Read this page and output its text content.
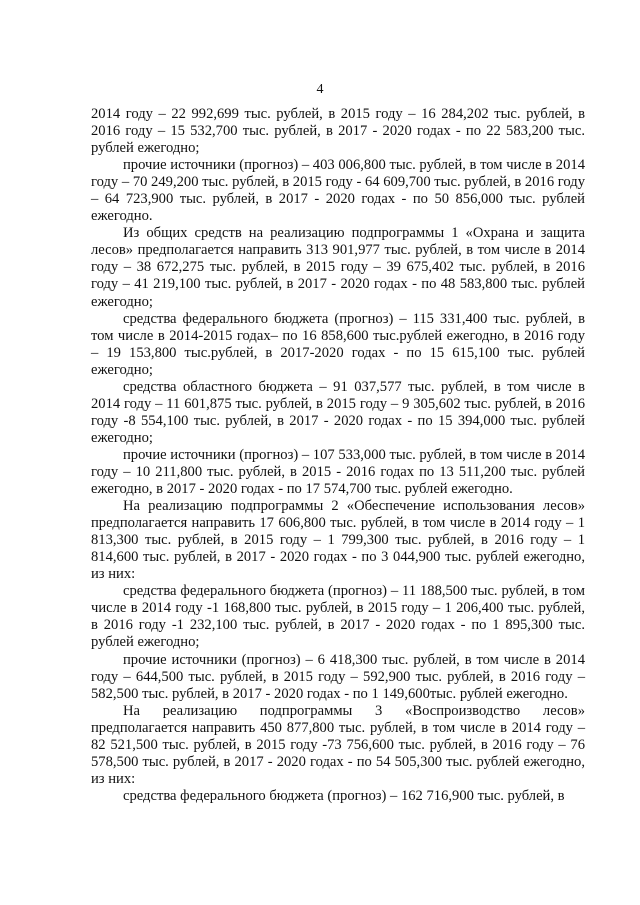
4

2014 году – 22 992,699 тыс. рублей, в 2015 году – 16 284,202 тыс. рублей, в 2016 году – 15 532,700 тыс. рублей, в 2017 - 2020 годах - по 22 583,200 тыс. рублей ежегодно;

прочие источники (прогноз) – 403 006,800 тыс. рублей, в том числе в 2014 году – 70 249,200 тыс. рублей, в 2015 году - 64 609,700 тыс. рублей, в 2016 году – 64 723,900 тыс. рублей, в 2017 - 2020 годах - по 50 856,000 тыс. рублей ежегодно.

Из общих средств на реализацию подпрограммы 1 «Охрана и защита лесов» предполагается направить 313 901,977 тыс. рублей, в том числе в 2014 году – 38 672,275 тыс. рублей, в 2015 году – 39 675,402 тыс. рублей, в 2016 году – 41 219,100 тыс. рублей, в 2017 - 2020 годах - по 48 583,800 тыс. рублей ежегодно;

средства федерального бюджета (прогноз) – 115 331,400 тыс. рублей, в том числе в 2014-2015 годах– по 16 858,600 тыс.рублей ежегодно, в 2016 году – 19 153,800 тыс.рублей, в 2017-2020 годах - по 15 615,100 тыс. рублей ежегодно;

средства областного бюджета – 91 037,577 тыс. рублей, в том числе в 2014 году – 11 601,875 тыс. рублей, в 2015 году – 9 305,602 тыс. рублей, в 2016 году -8 554,100 тыс. рублей, в 2017 - 2020 годах - по 15 394,000 тыс. рублей ежегодно;

прочие источники (прогноз) – 107 533,000 тыс. рублей, в том числе в 2014 году – 10 211,800 тыс. рублей, в 2015 - 2016 годах по 13 511,200 тыс. рублей ежегодно, в 2017 - 2020 годах - по 17 574,700 тыс. рублей ежегодно.

На реализацию подпрограммы 2 «Обеспечение использования лесов» предполагается направить 17 606,800 тыс. рублей, в том числе в 2014 году – 1 813,300 тыс. рублей, в 2015 году – 1 799,300 тыс. рублей, в 2016 году – 1 814,600 тыс. рублей, в 2017 - 2020 годах - по 3 044,900 тыс. рублей ежегодно, из них:

средства федерального бюджета (прогноз) – 11 188,500 тыс. рублей, в том числе в 2014 году -1 168,800 тыс. рублей, в 2015 году – 1 206,400 тыс. рублей, в 2016 году -1 232,100 тыс. рублей, в 2017 - 2020 годах - по 1 895,300 тыс. рублей ежегодно;

прочие источники (прогноз) – 6 418,300 тыс. рублей, в том числе в 2014 году – 644,500 тыс. рублей, в 2015 году – 592,900 тыс. рублей, в 2016 году – 582,500 тыс. рублей, в 2017 - 2020 годах - по 1 149,600тыс. рублей ежегодно.

На реализацию подпрограммы 3 «Воспроизводство лесов» предполагается направить 450 877,800 тыс. рублей, в том числе в 2014 году – 82 521,500 тыс. рублей, в 2015 году -73 756,600 тыс. рублей, в 2016 году – 76 578,500 тыс. рублей, в 2017 - 2020 годах - по 54 505,300 тыс. рублей ежегодно, из них:

средства федерального бюджета (прогноз) – 162 716,900 тыс. рублей, в
